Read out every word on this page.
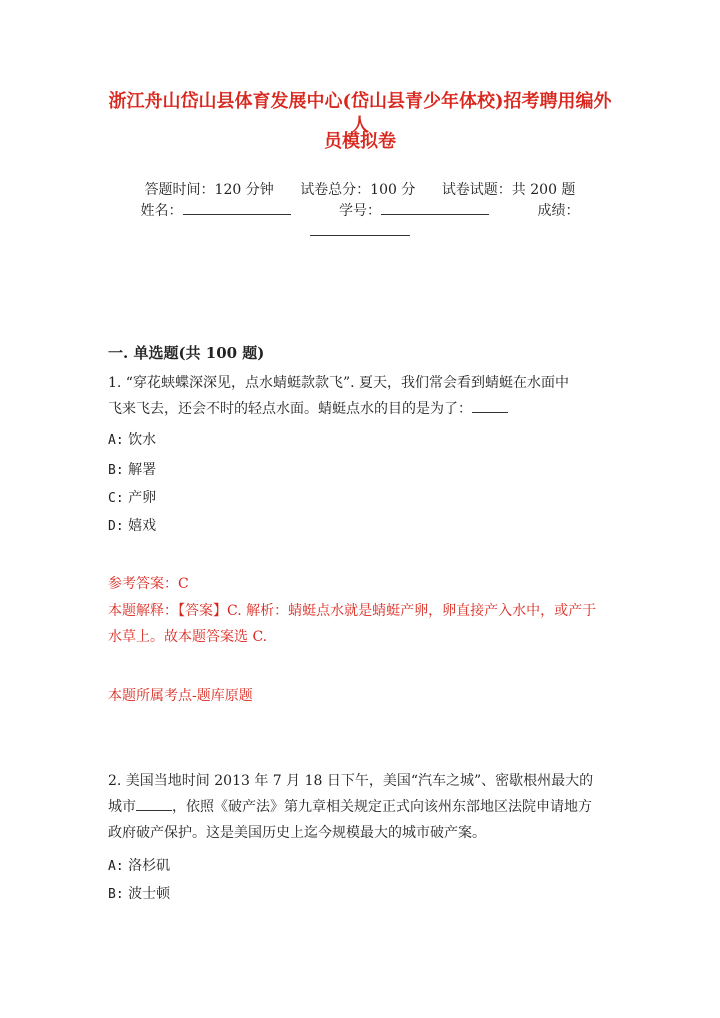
浙江舟山岱山县体育发展中心(岱山县青少年体校)招考聘用编外人
员模拟卷
答题时间：120 分钟 试卷总分：100 分 试卷试题：共 200 题
姓名：	学号：	成绩：
一. 单选题(共 100 题)

1. “穿花蛱蝶深深见，点水蜻蜓款款飞”. 夏天，我们常会看到蜻蜓在水面中
飞来飞去，还会不时的轻点水面。蜻蜓点水的目的是为了：

A: 饮水
B: 解署
C: 产卵
D: 嬉戏
参考答案：C

本题解释：【答案】C. 解析：蜻蜓点水就是蜻蜓产卵，卵直接产入水中，或产于
水草上。故本题答案选 C.

本题所属考点-题库原题

2. 美国当地时间 2013 年 7 月 18 日下午，美国“汽车之城”、密歇根州最大的
城市	，依照《破产法》第九章相关规定正式向该州东部地区法院申请地方
政府破产保护。这是美国历史上迄今规模最大的城市破产案。

A: 洛杉矶
B: 波士顿
